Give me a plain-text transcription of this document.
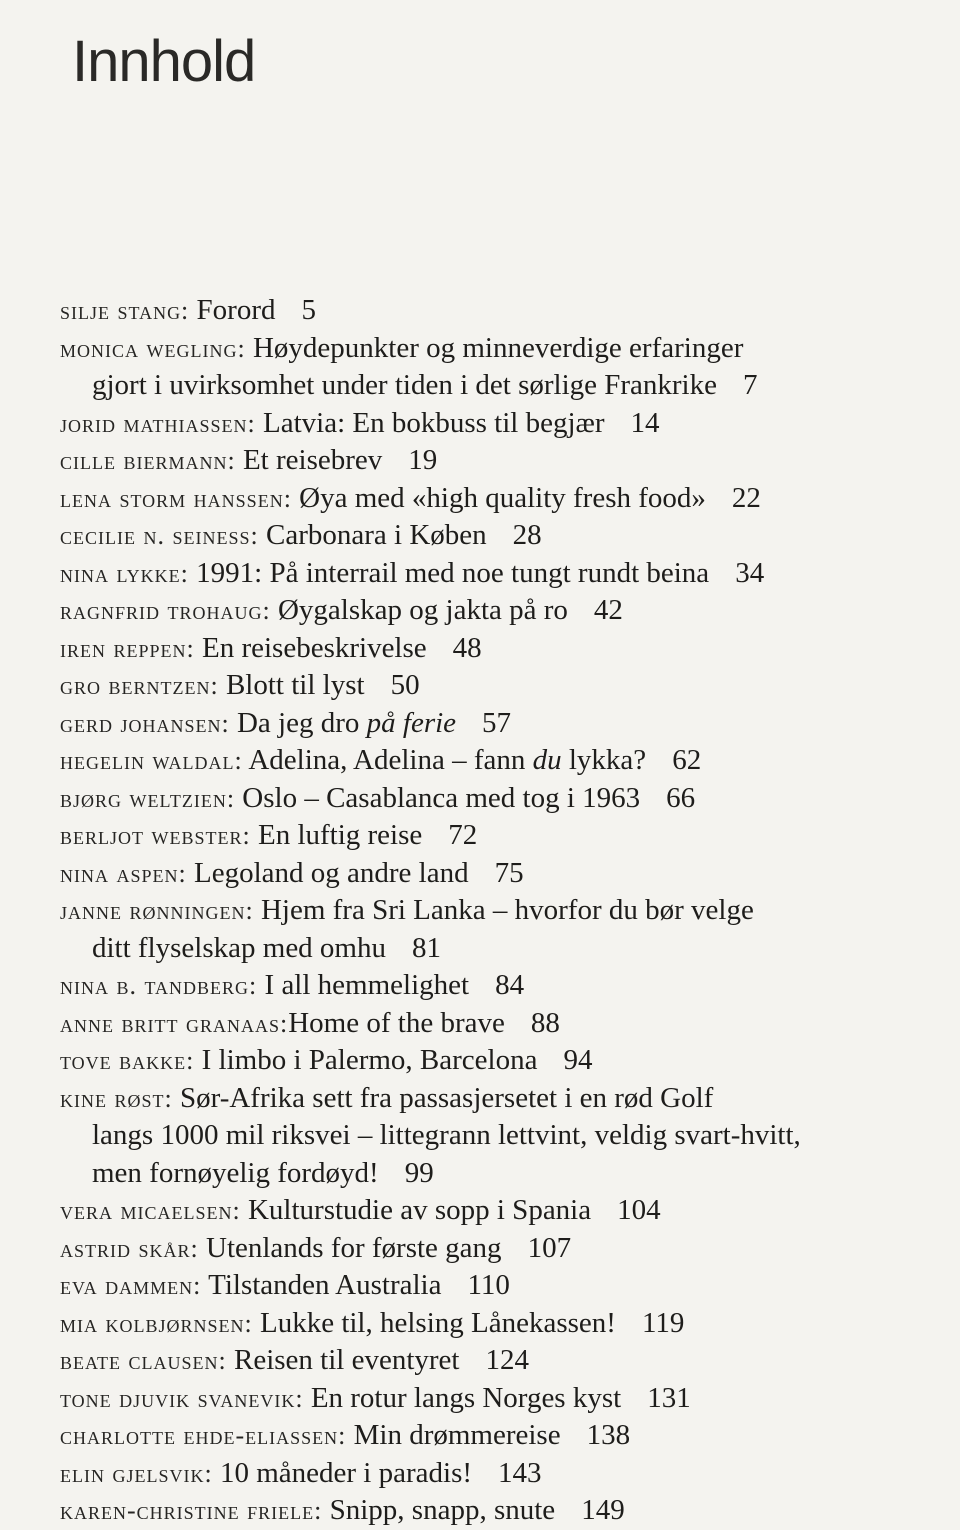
Innhold
silje stang: Forord 5
monica wegling: Høydepunkter og minneverdige erfaringer
gjort i uvirksomhet under tiden i det sørlige Frankrike 7
jorid mathiassen: Latvia: En bokbuss til begjær 14
cille biermann: Et reisebrev 19
lena storm hanssen: Øya med «high quality fresh food» 22
cecilie n. seiness: Carbonara i Køben 28
nina lykke: 1991: På interrail med noe tungt rundt beina 34
ragnfrid trohaug: Øygalskap og jakta på ro 42
iren reppen: En reisebeskrivelse 48
gro berntzen: Blott til lyst 50
gerd johansen: Da jeg dro på ferie 57
hegelin waldal: Adelina, Adelina – fann du lykka? 62
bjørg weltzien: Oslo – Casablanca med tog i 1963 66
berljot webster: En luftig reise 72
nina aspen: Legoland og andre land 75
janne rønningen: Hjem fra Sri Lanka – hvorfor du bør velge
ditt flyselskap med omhu 81
nina b. tandberg: I all hemmelighet 84
anne britt granaas:Home of the brave 88
tove bakke: I limbo i Palermo, Barcelona 94
kine røst: Sør-Afrika sett fra passasjersetet i en rød Golf
langs 1000 mil riksvei – littegrann lettvint, veldig svart-hvitt,
men fornøyelig fordøyd! 99
vera micaelsen: Kulturstudie av sopp i Spania 104
astrid skår: Utenlands for første gang 107
eva dammen: Tilstanden Australia 110
mia kolbjørnsen: Lukke til, helsing Lånekassen! 119
beate clausen: Reisen til eventyret 124
tone djuvik svanevik: En rotur langs Norges kyst 131
charlotte ehde-eliassen: Min drømmereise 138
elin gjelsvik: 10 måneder i paradis! 143
karen-christine friele: Snipp, snapp, snute 149
